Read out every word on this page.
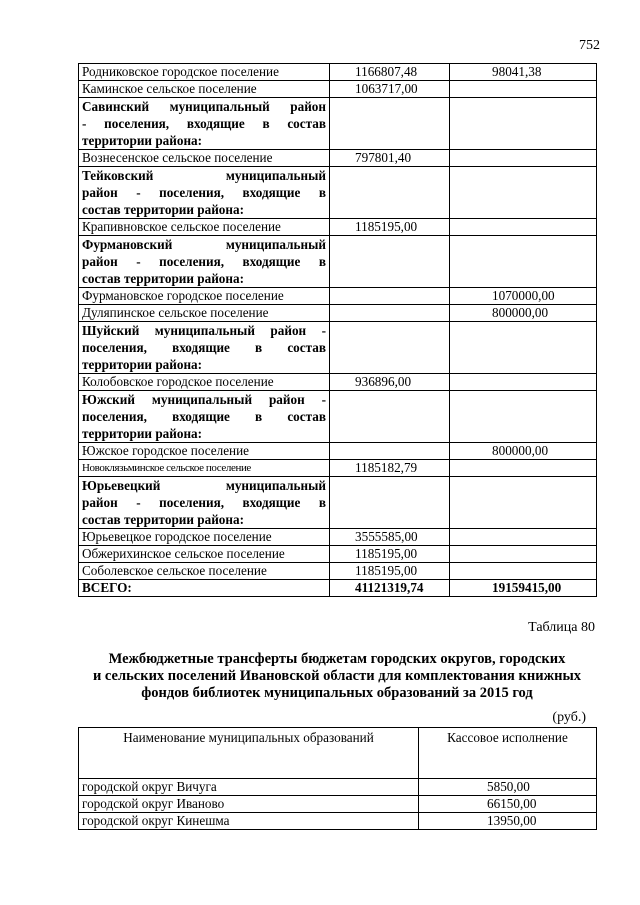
752
Родниковское городское поселение	1166807,48	98041,38
Каминское сельское поселение	1063717,00	

Савинский муниципальный район
- поселения, входящие в состав
территории района:		

Вознесенское сельское поселение	797801,40	

Тейковский муниципальный
район - поселения, входящие в
состав территории района:		

Крапивновское сельское поселение	1185195,00	

Фурмановский муниципальный
район - поселения, входящие в
состав территории района:		

Фурмановское городское поселение		1070000,00
Дуляпинское сельское поселение		800000,00

Шуйский муниципальный район -
поселения, входящие в состав
территории района:		

Колобовское городское поселение	936896,00	

Южский муниципальный район -
поселения, входящие в состав
территории района:		

Южское городское поселение		800000,00
Новоклязьминское сельское поселение	1185182,79	

Юрьевецкий муниципальный
район - поселения, входящие в
состав территории района:		

Юрьевецкое городское поселение	3555585,00	
Обжерихинское сельское поселение	1185195,00	
Соболевское сельское поселение	1185195,00	
ВСЕГО:	41121319,74	19159415,00
Таблица 80
Межбюджетные трансферты бюджетам городских округов, городских
и сельских поселений Ивановской области для комплектования книжных
фондов библиотек муниципальных образований за 2015 год
(руб.)
Наименование муниципальных образований	Кассовое исполнение
городской округ Вичуга	5850,00
городской округ Иваново	66150,00
городской округ Кинешма	13950,00
